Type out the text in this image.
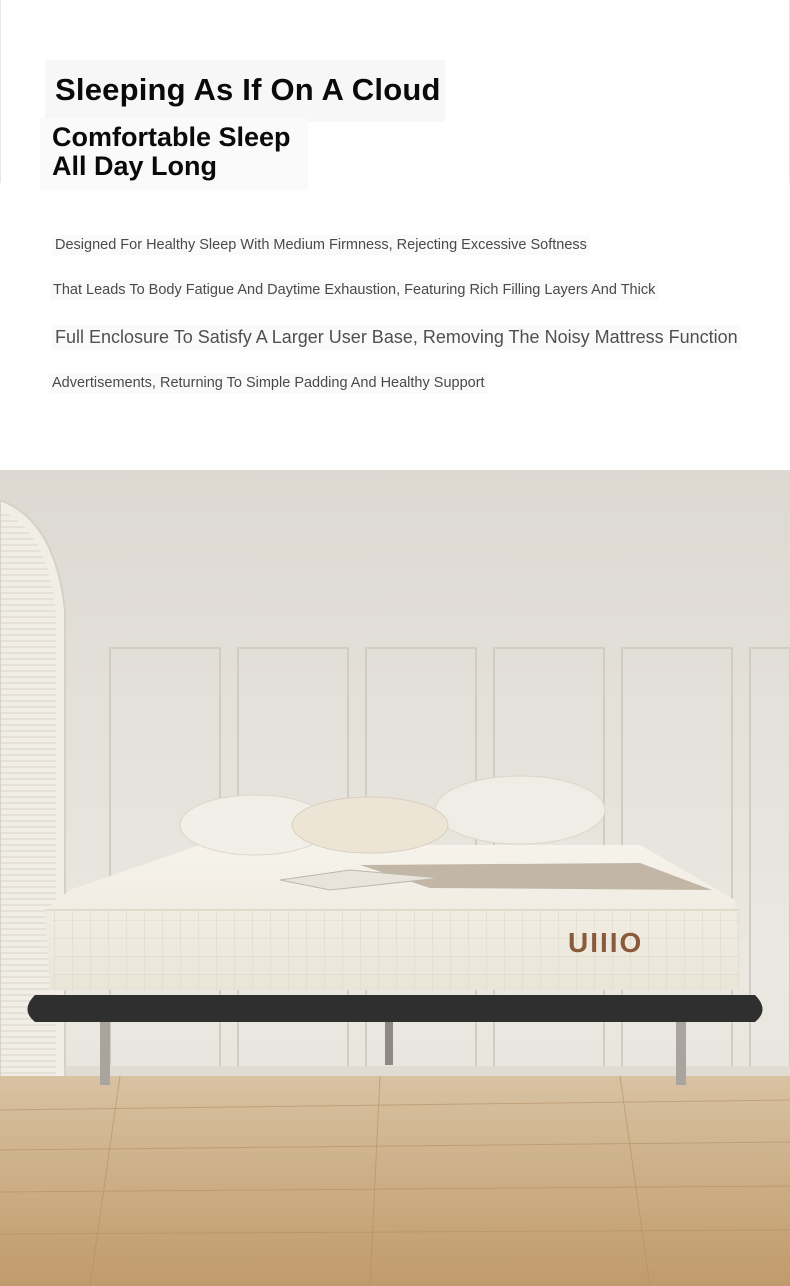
Sleeping As If On A Cloud
Comfortable Sleep
All Day Long
Designed For Healthy Sleep With Medium Firmness, Rejecting Excessive Softness
That Leads To Body Fatigue And Daytime Exhaustion, Featuring Rich Filling Layers And Thick
Full Enclosure To Satisfy A Larger User Base, Removing The Noisy Mattress Function
Advertisements, Returning To Simple Padding And Healthy Support
UIIIO
